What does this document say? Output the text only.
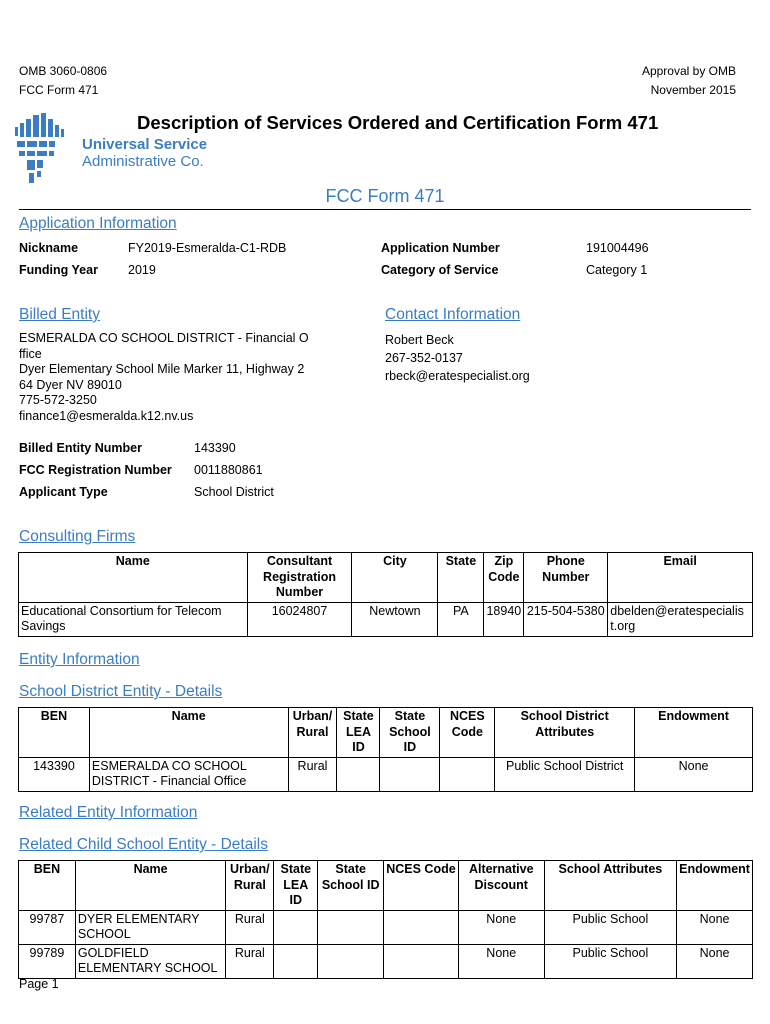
OMB 3060-0806
FCC Form 471
Approval by OMB
November 2015
Universal Service
Administrative Co.
Description of Services Ordered and Certification Form 471
FCC Form 471
Application Information
Nickname	FY2019-Esmeralda-C1-RDB
Funding Year 2019
Application Number	191004496
Category of Service	Category 1
Billed Entity
ESMERALDA CO SCHOOL DISTRICT - Financial O
ffice
Dyer Elementary School Mile Marker 11, Highway 2
64 Dyer NV 89010
775-572-3250
finance1@esmeralda.k12.nv.us
Billed Entity Number	143390
FCC Registration Number 0011880861
Applicant Type	School District
Contact Information
Robert Beck
267-352-0137
rbeck@eratespecialist.org
Consulting Firms
Name	Consultant Registration Number	City	State	Zip Code	Phone Number	Email
Educational Consortium for Telecom Savings	16024807	Newtown	PA	18940	215-504-5380	dbelden@eratespecialist.org
Entity Information
School District Entity - Details
BEN	Name	Urban/ Rural	State LEA ID	State School ID	NCES Code	School District Attributes	Endowment
143390	ESMERALDA CO SCHOOL DISTRICT - Financial Office	Rural				Public School District	None
Related Entity Information
Related Child School Entity - Details
BEN	Name	Urban/ Rural	State LEA ID	State School ID	NCES Code	Alternative Discount	School Attributes	Endowment
99787	DYER ELEMENTARY SCHOOL	Rural				None	Public School	None
99789	GOLDFIELD ELEMENTARY SCHOOL	Rural				None	Public School	None
Page 1
